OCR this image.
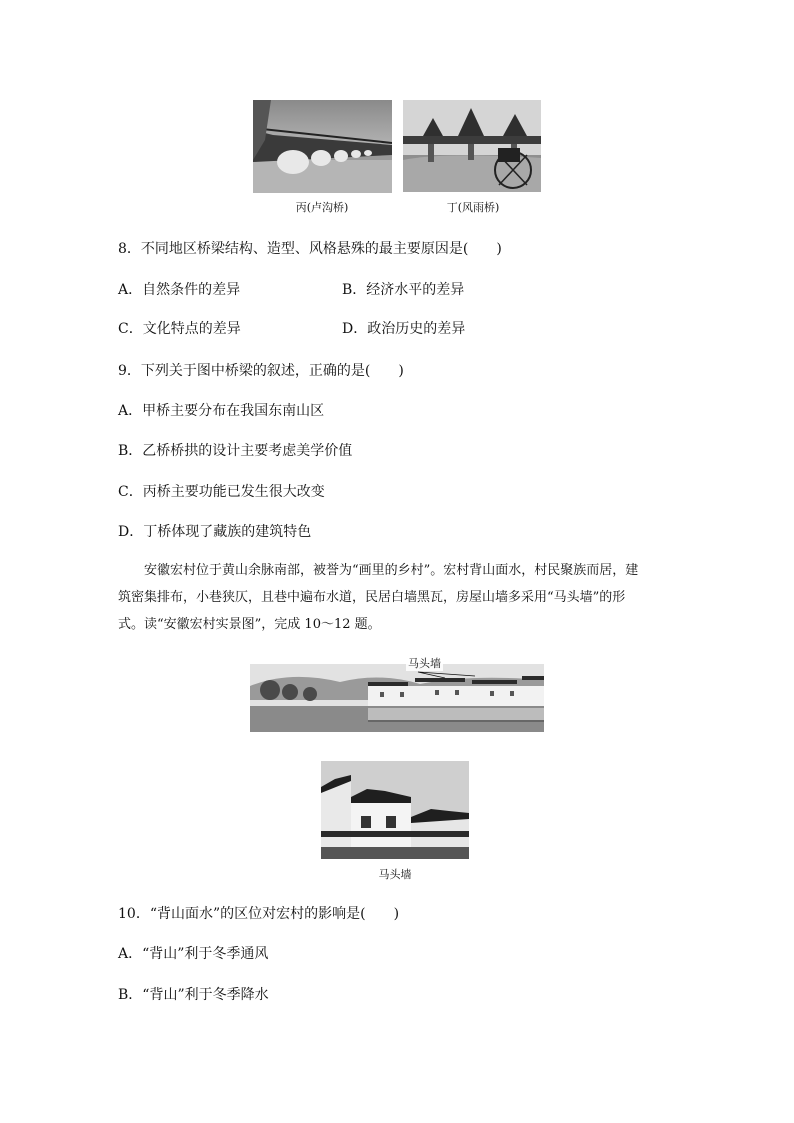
丙(卢沟桥)	丁(风雨桥)
8．不同地区桥梁结构、造型、风格悬殊的最主要原因是(　　)
A．自然条件的差异	B．经济水平的差异
C．文化特点的差异	D．政治历史的差异
9．下列关于图中桥梁的叙述，正确的是(　　)
A．甲桥主要分布在我国东南山区
B．乙桥桥拱的设计主要考虑美学价值
C．丙桥主要功能已发生很大改变
D．丁桥体现了藏族的建筑特色
　　安徽宏村位于黄山余脉南部，被誉为“画里的乡村”。宏村背山面水，村民聚族而居，建
筑密集排布，小巷狭仄，且巷中遍布水道，民居白墙黑瓦，房屋山墙多采用“马头墙”的形
式。读“安徽宏村实景图”，完成 10～12 题。
马头墙
马头墙
10．“背山面水”的区位对宏村的影响是(　　)
A．“背山”利于冬季通风
B．“背山”利于冬季降水
